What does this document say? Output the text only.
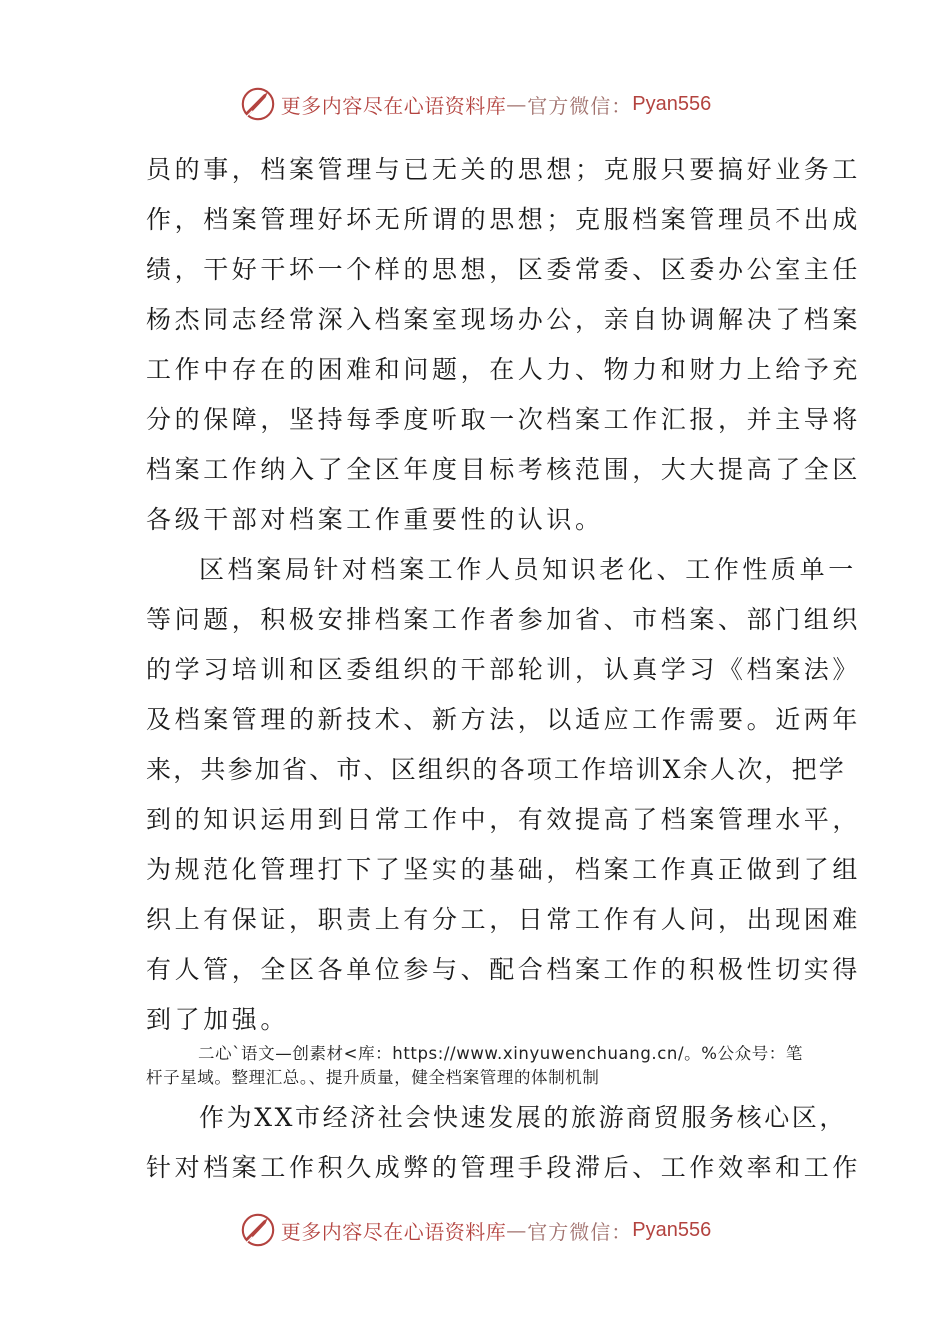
更多内容尽在心语资料库 — 官方微信： Pyan556
员的事，档案管理与已无关的思想；克服只要搞好业务工
作，档案管理好坏无所谓的思想；克服档案管理员不出成
绩，干好干坏一个样的思想，区委常委、区委办公室主任
杨杰同志经常深入档案室现场办公，亲自协调解决了档案
工作中存在的困难和问题，在人力、物力和财力上给予充
分的保障，坚持每季度听取一次档案工作汇报，并主导将
档案工作纳入了全区年度目标考核范围，大大提高了全区
各级干部对档案工作重要性的认识。
区档案局针对档案工作人员知识老化、工作性质单一
等问题，积极安排档案工作者参加省、市档案、部门组织
的学习培训和区委组织的干部轮训，认真学习《档案法》
及档案管理的新技术、新方法，以适应工作需要。近两年
来，共参加省、市、区组织的各项工作培训X余人次，把学
到的知识运用到日常工作中，有效提高了档案管理水平，
为规范化管理打下了坚实的基础，档案工作真正做到了组
织上有保证，职责上有分工，日常工作有人问，出现困难
有人管，全区各单位参与、配合档案工作的积极性切实得
到了加强。
二心`语文—创素材<库：https://www.xinyuwenchuang.cn/。%公众号：笔
杆子星域。整理汇总。、提升质量，健全档案管理的体制机制
作为XX市经济社会快速发展的旅游商贸服务核心区，
针对档案工作积久成弊的管理手段滞后、工作效率和工作
更多内容尽在心语资料库 — 官方微信： Pyan556
